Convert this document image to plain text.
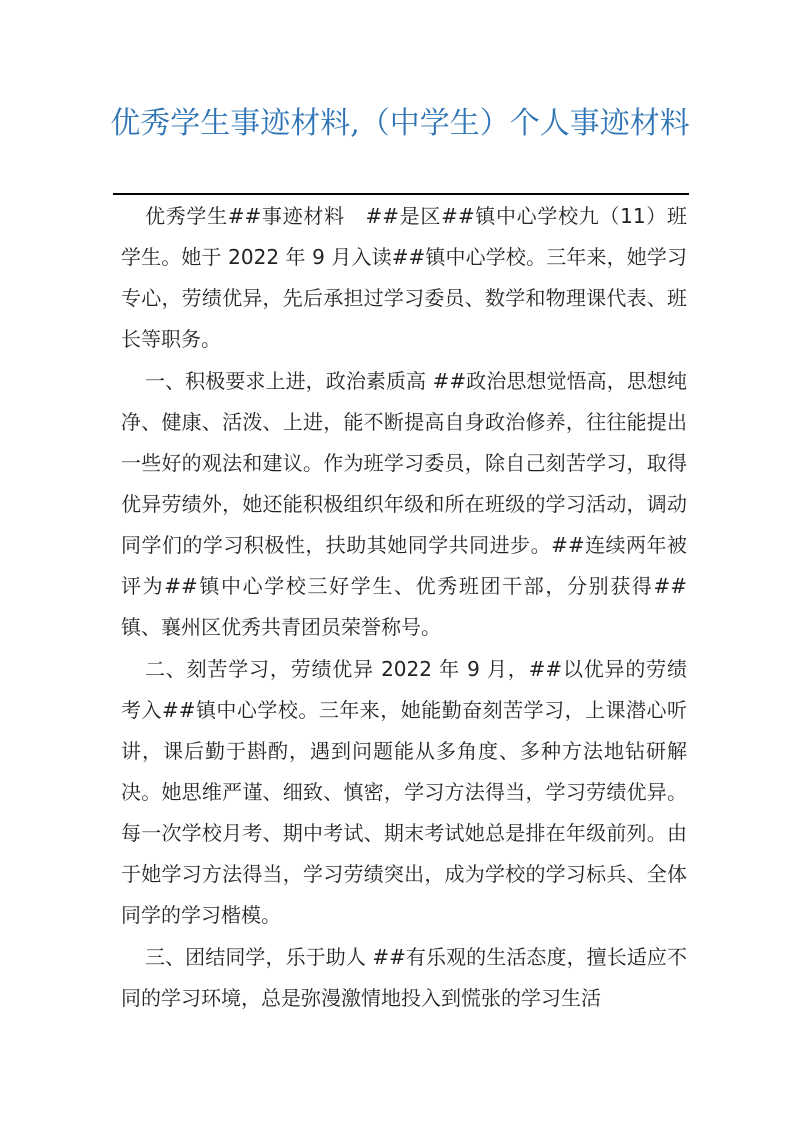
优秀学生事迹材料,（中学生）个人事迹材料

优秀学生##事迹材料　##是区##镇中心学校九（11）班学生。她于 2022 年 9 月入读##镇中心学校。三年来，她学习专心，劳绩优异，先后承担过学习委员、数学和物理课代表、班长等职务。

一、积极要求上进，政治素质高 ##政治思想觉悟高，思想纯净、健康、活泼、上进，能不断提高自身政治修养，往往能提出一些好的观法和建议。作为班学习委员，除自己刻苦学习，取得优异劳绩外，她还能积极组织年级和所在班级的学习活动，调动同学们的学习积极性，扶助其她同学共同进步。##连续两年被评为##镇中心学校三好学生、优秀班团干部，分别获得##镇、襄州区优秀共青团员荣誉称号。

二、刻苦学习，劳绩优异 2022 年 9 月，##以优异的劳绩考入##镇中心学校。三年来，她能勤奋刻苦学习，上课潜心听讲，课后勤于斟酌，遇到问题能从多角度、多种方法地钻研解决。她思维严谨、细致、慎密，学习方法得当，学习劳绩优异。每一次学校月考、期中考试、期末考试她总是排在年级前列。由于她学习方法得当，学习劳绩突出，成为学校的学习标兵、全体同学的学习楷模。

三、团结同学，乐于助人 ##有乐观的生活态度，擅长适应不同的学习环境，总是弥漫激情地投入到慌张的学习生活
